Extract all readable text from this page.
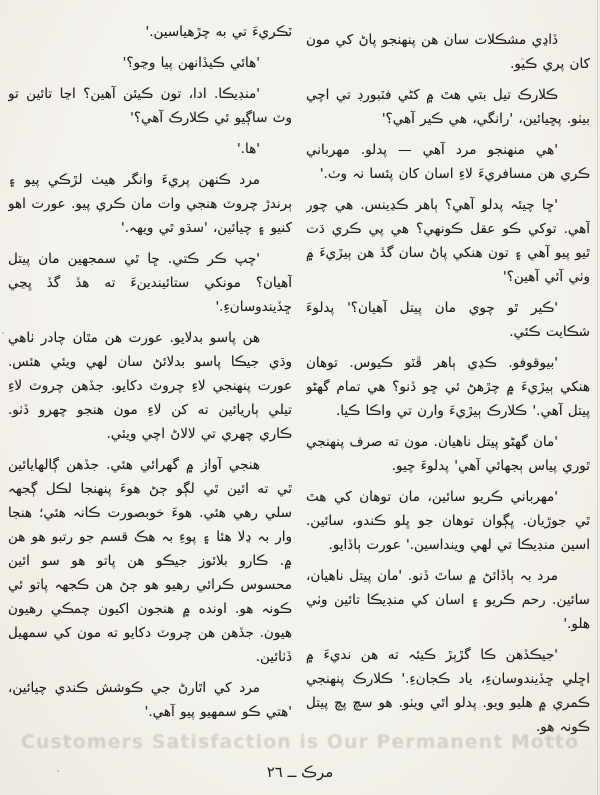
ٽڪريءَ تي به چڙهياسين.'

'هائي ڪيڏانهن پيا وڃو؟'

'منڊيڪا. ادا، تون ڪيئن آهين؟ اڃا تائين تو وٽ ساڳيو ئي ڪلارڪ آهي؟'

'ها.'

مرد ڪنهن پريءَ وانگر هيٺ لڙڪي پيو ۽ ٻرندڙ چروٽ هنجي وات مان ڪري پيو. عورت اهو کنيو ۽ چيائين، 'سڌو ٿي ويهہ.'

'چپ ڪر ڪتي. ڇا ٿي سمجهين مان پيتل آهيان؟ مونکي ستائيندينءَ ته هڏ گڏ ڀڃي ڇڏيندوسانءِ.'

هن پاسو بدلايو. عورت هن مٿان چادر ٺاهي وڌي جيڪا پاسو بدلائڻ سان لهي ويئي هئس. عورت پنهنجي لاءِ چروٽ دکايو. جڏهن چروٽ لاءِ تيلي ٻاريائين ته کن لاءِ مون هنجو چهرو ڏٺو. ڪاري چهري تي لالاڻ اچي ويئي.

هنجي آواز ۾ گهرائي هئي. جڏهن ڳالهايائين ٿي ته ائين ٿي لڳو ڄڻ هوءَ پنهنجا لڪل ڳجهہ سلي رهي هئي. هوءَ خوبصورت ڪانہ هئي؛ هنجا وار بہ ڍلا هئا ۽ پوءِ بہ هڪ قسم جو رتبو هو هن ۾. ڪارو بلائوز جيڪو هن پاتو هو سو ائين محسوس ڪرائي رهيو هو ڄڻ هن ڪجهہ پاتو ئي ڪونہ هو. اونده ۾ هنجون اکيون چمڪي رهيون هيون. جڏهن هن چروٽ دکايو ته مون کي سمهيل ڏٺائين.

مرد کي اٿارڻ جي ڪوشش ڪندي چيائين، 'هتي ڪو سمهيو پيو آهي.'

ڏاڍي مشڪلات سان هن پنهنجو پاڻ کي مون کان پري ڪيو.

ڪلارڪ تيل بتي هٿ ۾ کڻي فٽبورڊ تي اچي بيٺو. پڇيائين، 'رانگي، هي ڪير آهي؟'

'هي منهنجو مرد آهي — پدلو. مهرباني ڪري هن مسافريءَ لاءِ اسان کان پئسا نہ وٺ.'

'ڇا چيئہ پدلو آهي؟ ٻاهر ڪڍينس. هي چور آهي. توکي ڪو عقل ڪونهي؟ هي پي ڪري ڌت ٿيو پيو آهي ۽ تون هنکي پاڻ سان گڏ هن ٻيڙيءَ ۾ وٺي آئي آهين؟'

'ڪير ٿو چوي مان پيتل آهيان؟' پدلوءَ شڪايت ڪئي.

'بيوقوفو. ڪڍي ٻاهر ڦٽو ڪيوس. توهان هنکي ٻيڙيءَ ۾ چڙهڻ ئي ڇو ڏنو؟ هي تمام گهڻو پيتل آهي.' ڪلارڪ ٻيڙيءَ وارن تي واڪا ڪيا.

'مان گهڻو پيتل ناهيان. مون ته صرف پنهنجي ٿوري پياس ٻجهائي آهي' پدلوءَ چيو.

'مهرباني ڪريو سائين، مان توهان کي هٿ ٿي جوڙيان. ڀڳوان توهان جو ڀلو ڪندو، سائين. اسين منڊيڪا تي لهي وينداسين.' عورت ٻاڏايو.

مرد بہ ٻاڏائڻ ۾ ساٿ ڏنو. 'مان پيتل ناهيان، سائين. رحم ڪريو ۽ اسان کي منڊيڪا تائين وٺي هلو.'

'جيڪڏهن ڪا گڙٻڙ ڪيئہ ته هن نديءَ ۾ اڇلي ڇڏيندوسانءِ، ياد ڪجانءِ.' ڪلارڪ پنهنجي ڪمري ۾ هليو ويو. پدلو اٿي ويٺو. هو سچ پچ پيتل ڪونہ هو.

Customers Satisfaction is Our Permanent Motto
مرڪ ــ ٢٦
